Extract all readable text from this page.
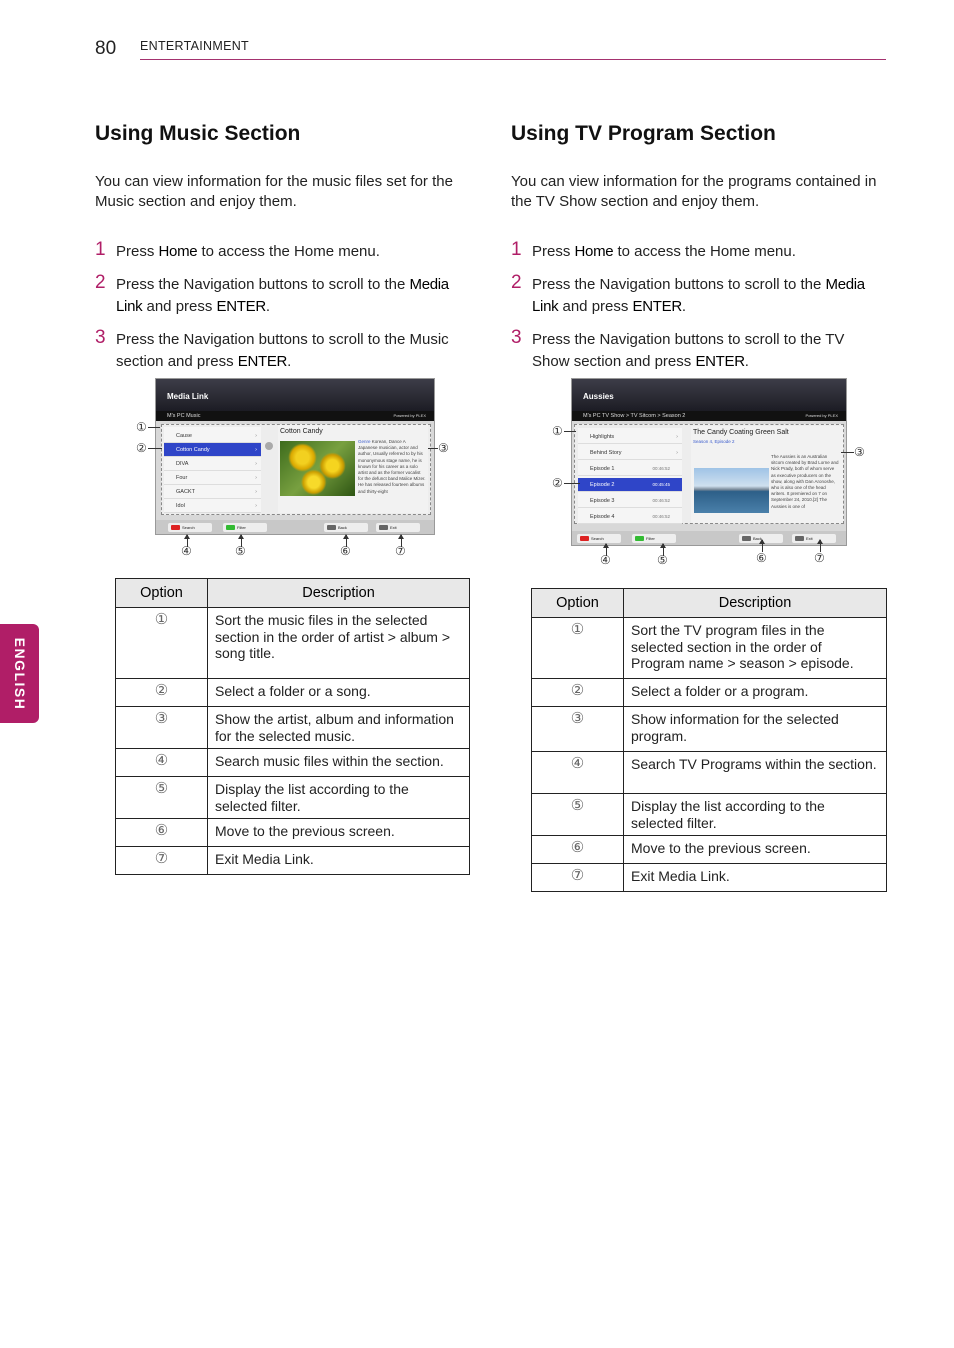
80 ENTERTAINMENT
ENGLISH
Using Music Section
You can view information for the music files set for the Music section and enjoy them.
1 Press Home to access the Home menu.
2 Press the Navigation buttons to scroll to the Media Link and press ENTER.
3 Press the Navigation buttons to scroll to the Music section and press ENTER.
Media Link
M's PC Music	Powered by PLEX
Cause	›
Cotton Candy	›
DIVA	›
Four	›
GACKT	›
Idol	›
Cotton Candy
Genre Korean, Dance A Japanese musician, actor and author, Usually referred to by his mononymous stage name, he is known for his career as a solo artist and as the former vocalist for the defunct band Malice Mizer. He has released fourteen albums and thirty-eight
Search	Filter	Back	Exit
①
②	③
④	⑤	⑥	⑦
Option	Description
①	Sort the music files in the selected section in the order of artist > album > song title.
②	Select a folder or a song.
③	Show the artist, album and information for the selected music.
④	Search music files within the section.
⑤	Display the list according to the selected filter.
⑥	Move to the previous screen.
⑦	Exit Media Link.
Using TV Program Section
You can view information for the programs contained in the TV Show section and enjoy them.
1 Press Home to access the Home menu.
2 Press the Navigation buttons to scroll to the Media Link and press ENTER.
3 Press the Navigation buttons to scroll to the TV Show section and press ENTER.
Aussies
M's PC TV Show > TV Sitcom > Season 2	Powered by PLEX
Highlights	›
Behind Story	›
Episode 1	00:46:52
Episode 2	00:45:45
Episode 3	00:46:52
Episode 4	00:46:52
The Candy Coating Green Salt
Season 4, Episode 2
The Aussies is an Australian sitcom created by Brad Lorne and Nick Prady, both of whom serve as executive producers on the show, along with Dan Aronoshe, who is also one of the head writers. It premiered on 7 on September 24, 2010.[2] The Aussies is one of
Search	Filter	Back	Exit
①
②
③
④	⑤	⑥	⑦
Option	Description
①	Sort the TV program files in the selected section in the order of Program name > season > episode.
②	Select a folder or a program.
③	Show information for the selected program.
④	Search TV Programs within the section.
⑤	Display the list according to the selected filter.
⑥	Move to the previous screen.
⑦	Exit Media Link.
